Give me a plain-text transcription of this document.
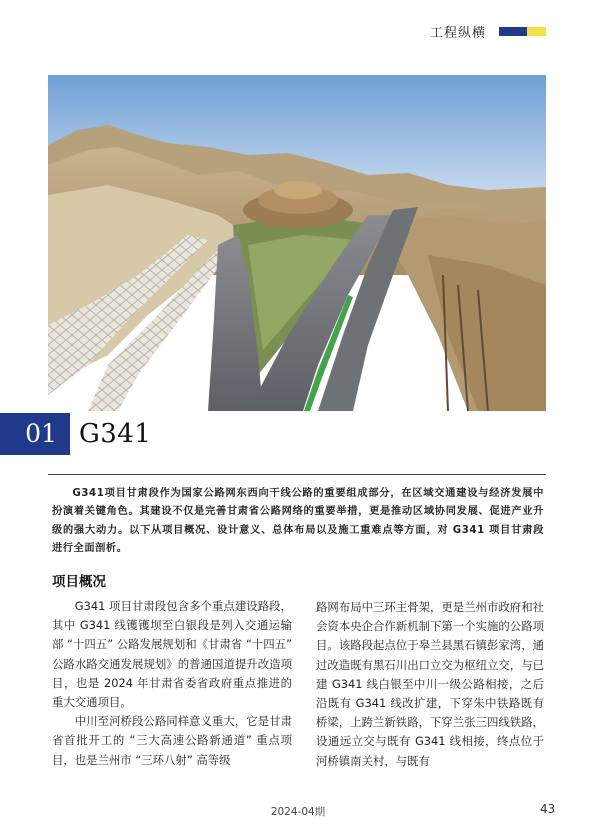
工程纵横
01 G341
G341项目甘肃段作为国家公路网东西向干线公路的重要组成部分，在区域交通建设与经济发展中扮演着关键角色。其建设不仅是完善甘肃省公路网络的重要举措，更是推动区域协同发展、促进产业升级的强大动力。以下从项目概况、设计意义、总体布局以及施工重难点等方面，对 G341 项目甘肃段进行全面剖析。
项目概况

G341 项目甘肃段包含多个重点建设路段，其中 G341 线镬镬坝至白银段是列入交通运输部 “十四五” 公路发展规划和《甘肃省 “十四五” 公路水路交通发展规划》的普通国道提升改造项目，也是 2024 年甘肃省委省政府重点推进的重大交通项目。

中川至河桥段公路同样意义重大，它是甘肃省首批开工的 “三大高速公路新通道” 重点项目，也是兰州市 “三环八射” 高等级

路网布局中三环主骨架，更是兰州市政府和社会资本央企合作新机制下第一个实施的公路项目。该路段起点位于皋兰县黑石镇彭家湾，通过改造既有黑石川出口立交为枢纽立交，与已建 G341 线白银至中川一级公路相接，之后沿既有 G341 线改扩建，下穿朱中铁路既有桥梁，上跨兰新铁路，下穿兰张三四线铁路，设通远立交与既有 G341 线相接，终点位于河桥镇南关村，与既有

2024-04期	43
